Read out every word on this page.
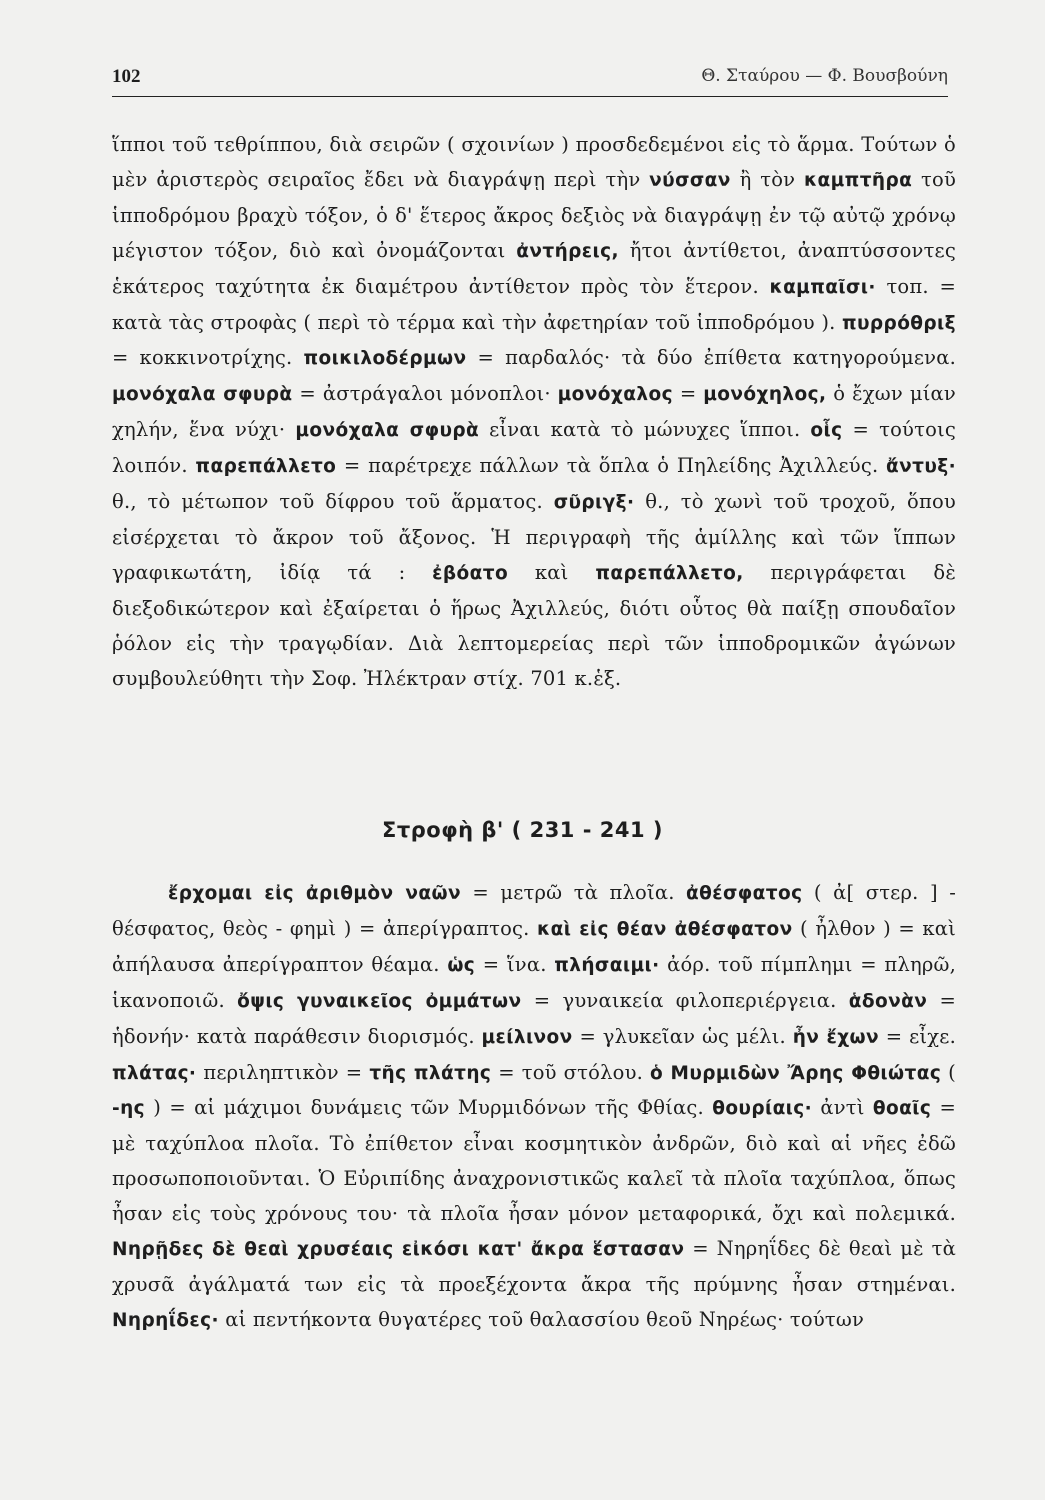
102	Θ. Σταύρου — Φ. Βουσβούνη

ἵπποι τοῦ τεθρίππου, διὰ σειρῶν ( σχοινίων ) προσδεδεμένοι εἰς τὸ ἅρμα. Τούτων ὁ μὲν ἀριστερὸς σειραῖος ἔδει νὰ διαγράψῃ περὶ τὴν νύσσαν ἢ τὸν καμπτῆρα τοῦ ἱπποδρόμου βραχὺ τόξον, ὁ δ' ἕτερος ἄκρος δεξιὸς νὰ διαγράψῃ ἐν τῷ αὐτῷ χρόνῳ μέγιστον τόξον, διὸ καὶ ὀνομάζονται ἀντήρεις, ἤτοι ἀντίθετοι, ἀναπτύσσοντες ἑκάτερος ταχύτητα ἐκ διαμέτρου ἀντίθετον πρὸς τὸν ἕτερον. καμπαῖσι· τοπ. = κατὰ τὰς στροφὰς ( περὶ τὸ τέρμα καὶ τὴν ἀφετηρίαν τοῦ ἱπποδρόμου ). πυρρόθριξ = κοκκινοτρίχης. ποικιλοδέρμων = παρδαλός· τὰ δύο ἐπίθετα κατηγορούμενα. μονόχαλα σφυρὰ = ἀστράγαλοι μόνοπλοι· μονόχαλος = μονόχηλος, ὁ ἔχων μίαν χηλήν, ἕνα νύχι· μονόχαλα σφυρὰ εἶναι κατὰ τὸ μώνυχες ἵπποι. οἷς = τούτοις λοιπόν. παρεπάλλετο = παρέτρεχε πάλλων τὰ ὅπλα ὁ Πηλείδης Ἀχιλλεύς. ἄντυξ· θ., τὸ μέτωπον τοῦ δίφρου τοῦ ἅρματος. σῦριγξ· θ., τὸ χωνὶ τοῦ τροχοῦ, ὅπου εἰσέρχεται τὸ ἄκρον τοῦ ἄξονος. Ἡ περιγραφὴ τῆς ἁμίλλης καὶ τῶν ἵππων γραφικωτάτη, ἰδίᾳ τά : ἐβόατο καὶ παρεπάλλετο, περιγράφεται δὲ διεξοδικώτερον καὶ ἐξαίρεται ὁ ἥρως Ἀχιλλεύς, διότι οὗτος θὰ παίξῃ σπουδαῖον ῥόλον εἰς τὴν τραγῳδίαν. Διὰ λεπτομερείας περὶ τῶν ἱπποδρομικῶν ἀγώνων συμβουλεύθητι τὴν Σοφ. Ἠλέκτραν στίχ. 701 κ.ἑξ.

Στροφὴ β' ( 231 - 241 )

ἔρχομαι εἰς ἀριθμὸν ναῶν = μετρῶ τὰ πλοῖα. ἀθέσφατος ( ἀ[ στερ. ] - θέσφατος, θεὸς - φημὶ ) = ἀπερίγραπτος. καὶ εἰς θέαν ἀθέσφατον ( ἦλθον ) = καὶ ἀπήλαυσα ἀπερίγραπτον θέαμα. ὡς = ἵνα. πλήσαιμι· ἀόρ. τοῦ πίμπλημι = πληρῶ, ἱκανοποιῶ. ὄψις γυναικεῖος ὀμμάτων = γυναικεία φιλοπεριέργεια. ἁδονὰν = ἡδονήν· κατὰ παράθεσιν διορισμός. μείλινον = γλυκεῖαν ὡς μέλι. ἦν ἔχων = εἶχε. πλάτας· περιληπτικὸν = τῆς πλάτης = τοῦ στόλου. ὁ Μυρμιδὼν Ἄρης Φθιώτας ( -ης ) = αἱ μάχιμοι δυνάμεις τῶν Μυρμιδόνων τῆς Φθίας. θουρίαις· ἀντὶ θοαῖς = μὲ ταχύπλοα πλοῖα. Τὸ ἐπίθετον εἶναι κοσμητικὸν ἀνδρῶν, διὸ καὶ αἱ νῆες ἐδῶ προσωποποιοῦνται. Ὁ Εὐριπίδης ἀναχρονιστικῶς καλεῖ τὰ πλοῖα ταχύπλοα, ὅπως ἦσαν εἰς τοὺς χρόνους του· τὰ πλοῖα ἦσαν μόνον μεταφορικά, ὄχι καὶ πολεμικά. Νηρῇδες δὲ θεαὶ χρυσέαις εἰκόσι κατ' ἄκρα ἕστασαν = Νηρηΐδες δὲ θεαὶ μὲ τὰ χρυσᾶ ἀγάλματά των εἰς τὰ προεξέχοντα ἄκρα τῆς πρύμνης ἦσαν στημέναι. Νηρηΐδες· αἱ πεντήκοντα θυγατέρες τοῦ θαλασσίου θεοῦ Νηρέως· τούτων
